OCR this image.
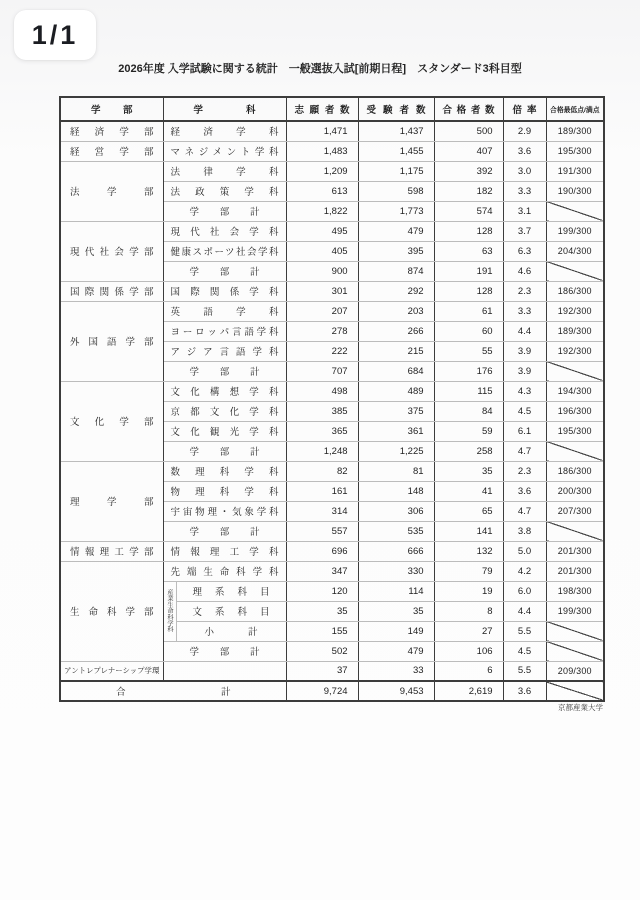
1/1
2026年度 入学試験に関する統計　一般選抜入試[前期日程]　スタンダード3科目型
学部	学科		志願者数	受験者数	合格者数	倍率	合格最低点/満点
経済学部	経済学科		1,471	1,437	500	2.9	189/300
経営学部	マネジメント学科		1,483	1,455	407	3.6	195/300
法学部	法律学科		1,209	1,175	392	3.0	191/300
	法政策学科		613	598	182	3.3	190/300
	学部計		1,822	1,773	574	3.1	
現代社会学部	現代社会学科		495	479	128	3.7	199/300
	健康スポーツ社会学科		405	395	63	6.3	204/300
	学部計		900	874	191	4.6	
国際関係学部	国際関係学科		301	292	128	2.3	186/300
外国語学部	英語学科		207	203	61	3.3	192/300
	ヨーロッパ言語学科		278	266	60	4.4	189/300
	アジア言語学科		222	215	55	3.9	192/300
	学部計		707	684	176	3.9	
文化学部	文化構想学科		498	489	115	4.3	194/300
	京都文化学科		385	375	84	4.5	196/300
	文化観光学科		365	361	59	6.1	195/300
	学部計		1,248	1,225	258	4.7	
理学部	数理科学科		82	81	35	2.3	186/300
	物理科学科		161	148	41	3.6	200/300
	宇宙物理・気象学科		314	306	65	4.7	207/300
	学部計		557	535	141	3.8	
情報理工学部	情報理工学科		696	666	132	5.0	201/300
生命科学部	先端生命科学科		347	330	79	4.2	201/300
	産業生命科学科	理系科目	120	114	19	6.0	198/300
		文系科目	35	35	8	4.4	199/300
		小計	155	149	27	5.5	
	学部計		502	479	106	4.5	
アントレプレナーシップ学環			37	33	6	5.5	209/300
合計			9,724	9,453	2,619	3.6	
京都産業大学
